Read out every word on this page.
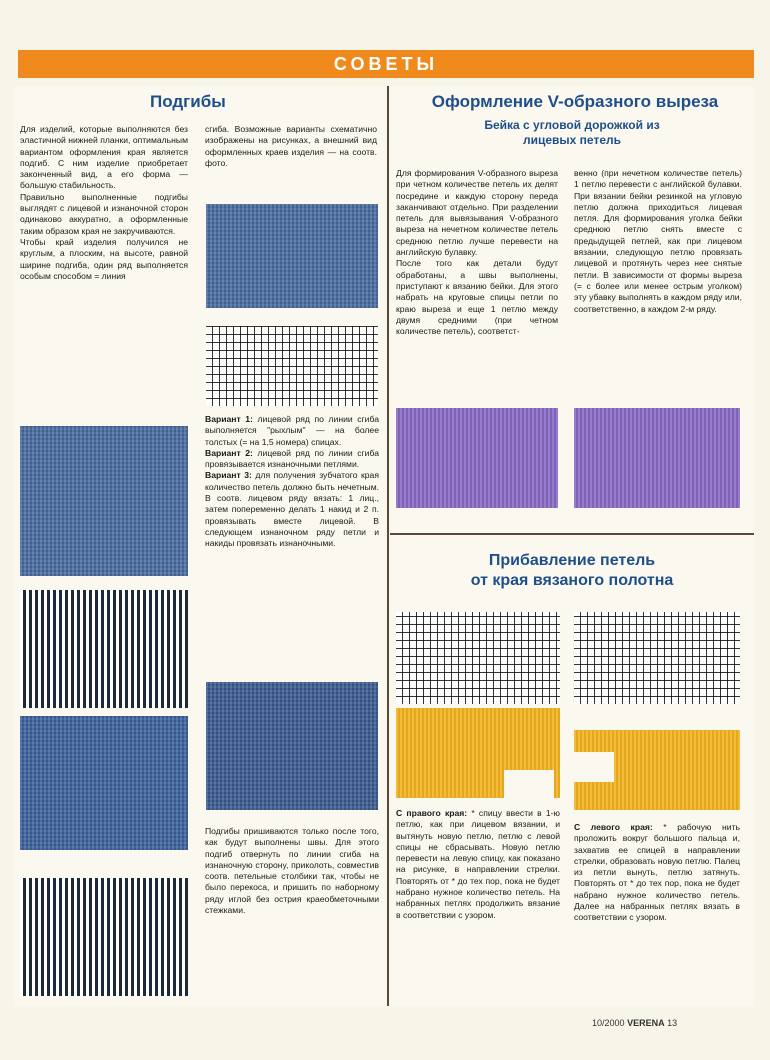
СОВЕТЫ
Подгибы
Для изделий, которые выполняются без эластичной нижней планки, оптимальным вариантом оформления края является подгиб. С ним изделие приобретает законченный вид, а его форма — большую стабильность.
Правильно выполненные подгибы выглядят с лицевой и изнаночной сторон одинаково аккуратно, а оформленные таким образом края не закручиваются.
Чтобы край изделия получился не круглым, а плоским, на высоте, равной ширине подгиба, один ряд выполняется особым способом = линия
сгиба. Возможные варианты схематично изображены на рисунках, а внешний вид оформленных краев изделия — на соотв. фото.

Вариант 1: лицевой ряд по линии сгиба выполняется "рыхлым" — на более толстых (= на 1,5 номера) спицах.

Вариант 2: лицевой ряд по линии сгиба провязывается изнаночными петлями.

Вариант 3: для получения зубчатого края количество петель должно быть нечетным. В соотв. лицевом ряду вязать: 1 лиц., затем попеременно делать 1 накид и 2 п. провязывать вместе лицевой. В следующем изнаночном ряду петли и накиды провязать изнаночными.

Подгибы пришиваются только после того, как будут выполнены швы. Для этого подгиб отвернуть по линии сгиба на изнаночную сторону, приколоть, совместив соотв. петельные столбики так, чтобы не было перекоса, и пришить по наборному ряду иглой без острия краеобметочными стежками.
Оформление V-образного выреза
Бейка с угловой дорожкой из лицевых петель
Для формирования V-образного выреза при четном количестве петель их делят посредине и каждую сторону переда заканчивают отдельно. При разделении петель для вывязывания V-образного выреза на нечетном количестве петель среднюю петлю лучше перевести на английскую булавку.
После того как детали будут обработаны, а швы выполнены, приступают к вязанию бейки. Для этого набрать на круговые спицы петли по краю выреза и еще 1 петлю между двумя средними (при четном количестве петель), соответст-
венно (при нечетном количестве петель) 1 петлю перевести с английской булавки. При вязании бейки резинкой на угловую петлю должна приходиться лицевая петля. Для формирования уголка бейки среднюю петлю снять вместе с предыдущей петлей, как при лицевом вязании, следующую петлю провязать лицевой и протянуть через нее снятые петли. В зависимости от формы выреза (= с более или менее острым уголком) эту убавку выполнять в каждом ряду или, соответственно, в каждом 2-м ряду.
Прибавление петель
от края вязаного полотна
С правого края: * спицу ввести в 1-ю петлю, как при лицевом вязании, и вытянуть новую петлю, петлю с левой спицы не сбрасывать. Новую петлю перевести на левую спицу, как показано на рисунке, в направлении стрелки. Повторять от * до тех пор, пока не будет набрано нужное количество петель. На набранных петлях продолжить вязание в соответствии с узором.
С левого края: * рабочую нить проложить вокруг большого пальца и, захватив ее спицей в направлении стрелки, образовать новую петлю. Палец из петли вынуть, петлю затянуть. Повторять от * до тех пор, пока не будет набрано нужное количество петель. Далее на набранных петлях вязать в соответствии с узором.
10/2000 VERENA 13
